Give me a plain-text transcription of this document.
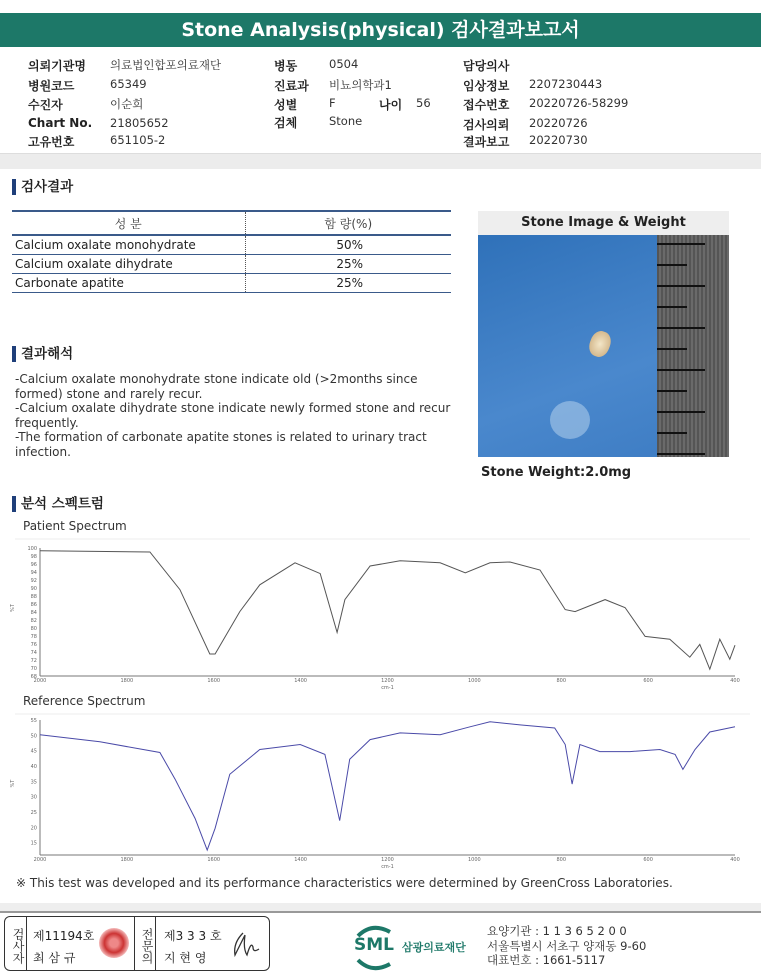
Stone Analysis(physical) 검사결과보고서
의뢰기관명 의료법인합포의료재단
병원코드	65349
수진자	이순희
Chart No. 21805652
고유번호	651105-2
병동	0504
진료과 비뇨의학과1
성별	F	나이 56
검체	Stone
담당의사
임상정보 2207230443
접수번호 20220726-58299
검사의뢰 20220726
결과보고 20220730
검사결과
성 분	함 량(%)
Calcium oxalate monohydrate	50%
Calcium oxalate dihydrate	25%
Carbonate apatite	25%
Stone Image & Weight
Stone Weight:2.0mg
결과해석
-Calcium oxalate monohydrate stone indicate old (>2months since formed) stone and rarely recur.
-Calcium oxalate dihydrate stone indicate newly formed stone and recur frequently.
-The formation of carbonate apatite stones is related to urinary tract infection.
분석 스펙트럼
Patient Spectrum
68
70
72
74
76
78
80
82
84
86
88
90
92
94
96
98
100
2000	1800	1600	1400	1200	1000	800	600	400
cm-1
%T
Reference Spectrum
15
20
25
30
35
40
45
50
55
2000	1800	1600	1400	1200	1000	800	600	400
cm-1
%T
※ This test was developed and its performance characteristics were determined by GreenCross Laboratories.
검사자 제11194호
최 삼 규	전문의 제3 3 3 호
지 현 영
SML 삼광의료재단
요양기관 : 1 1 3 6 5 2 0 0
서울특별시 서초구 양재동 9-60
대표번호 : 1661-5117
